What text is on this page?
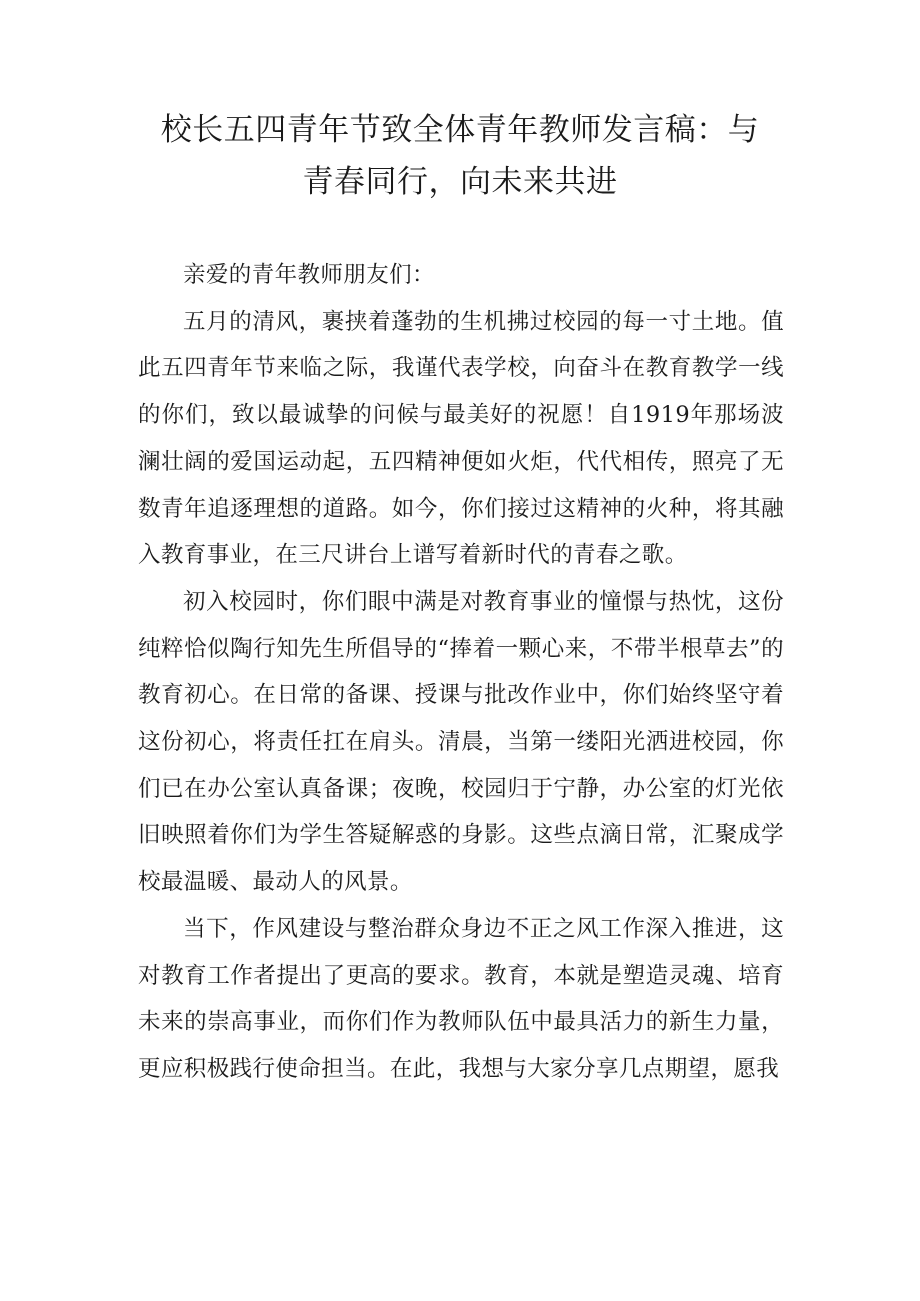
校长五四青年节致全体青年教师发言稿：与
青春同行，向未来共进

亲爱的青年教师朋友们：

五月的清风，裹挟着蓬勃的生机拂过校园的每一寸土地。值此五四青年节来临之际，我谨代表学校，向奋斗在教育教学一线的你们，致以最诚挚的问候与最美好的祝愿！自1919年那场波澜壮阔的爱国运动起，五四精神便如火炬，代代相传，照亮了无数青年追逐理想的道路。如今，你们接过这精神的火种，将其融入教育事业，在三尺讲台上谱写着新时代的青春之歌。

初入校园时，你们眼中满是对教育事业的憧憬与热忱，这份纯粹恰似陶行知先生所倡导的“捧着一颗心来，不带半根草去”的教育初心。在日常的备课、授课与批改作业中，你们始终坚守着这份初心，将责任扛在肩头。清晨，当第一缕阳光洒进校园，你们已在办公室认真备课；夜晚，校园归于宁静，办公室的灯光依旧映照着你们为学生答疑解惑的身影。这些点滴日常，汇聚成学校最温暖、最动人的风景。

当下，作风建设与整治群众身边不正之风工作深入推进，这对教育工作者提出了更高的要求。教育，本就是塑造灵魂、培育未来的崇高事业，而你们作为教师队伍中最具活力的新生力量，更应积极践行使命担当。在此，我想与大家分享几点期望，愿我
